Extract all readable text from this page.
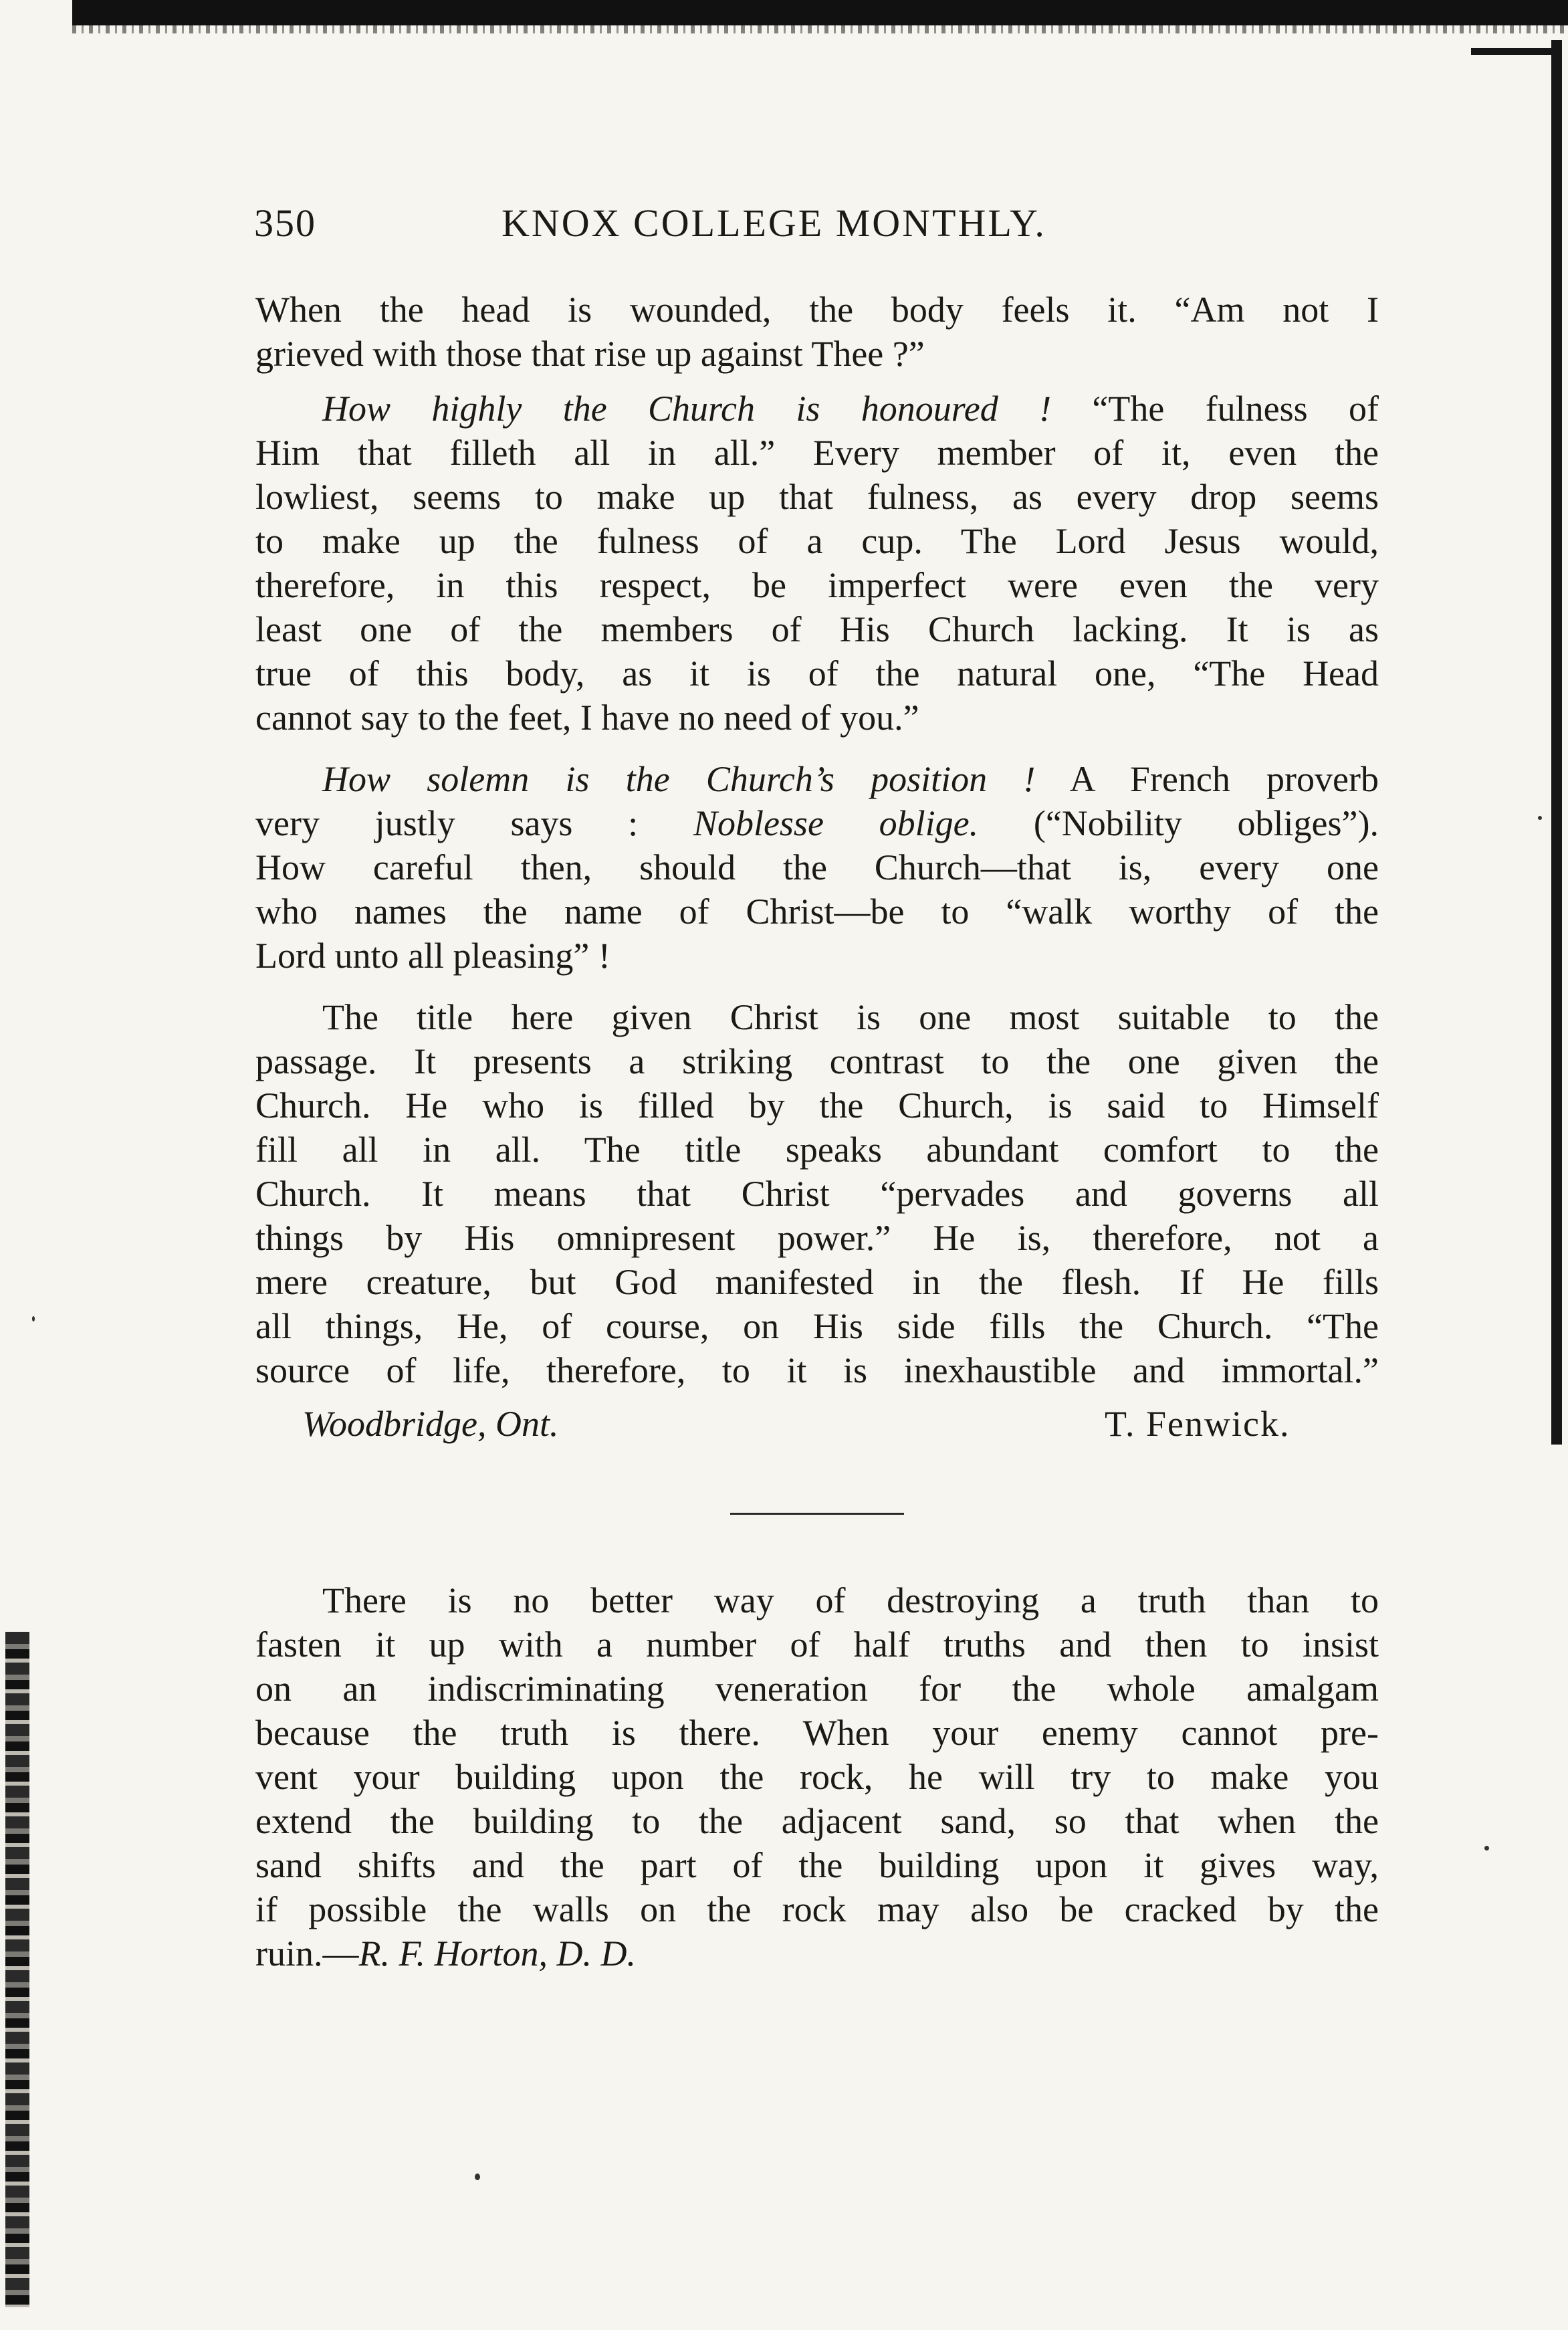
350	KNOX COLLEGE MONTHLY.
When the head is wounded, the body feels it. “Am not I
grieved with those that rise up against Thee ?”
How highly the Church is honoured ! “The fulness of
Him that filleth all in all.” Every member of it, even the
lowliest, seems to make up that fulness, as every drop seems
to make up the fulness of a cup. The Lord Jesus would,
therefore, in this respect, be imperfect were even the very
least one of the members of His Church lacking. It is as
true of this body, as it is of the natural one, “The Head
cannot say to the feet, I have no need of you.”
How solemn is the Church’s position ! A French proverb
very justly says : Noblesse oblige. (“Nobility obliges”).
How careful then, should the Church—that is, every one
who names the name of Christ—be to “walk worthy of the
Lord unto all pleasing” !
The title here given Christ is one most suitable to the
passage. It presents a striking contrast to the one given the
Church. He who is filled by the Church, is said to Himself
fill all in all. The title speaks abundant comfort to the
Church. It means that Christ “pervades and governs all
things by His omnipresent power.” He is, therefore, not a
mere creature, but God manifested in the flesh. If He fills
all things, He, of course, on His side fills the Church. “The
source of life, therefore, to it is inexhaustible and immortal.”
Woodbridge, Ont.	T. Fenwick.
There is no better way of destroying a truth than to
fasten it up with a number of half truths and then to insist
on an indiscriminating veneration for the whole amalgam
because the truth is there. When your enemy cannot pre-
vent your building upon the rock, he will try to make you
extend the building to the adjacent sand, so that when the
sand shifts and the part of the building upon it gives way,
if possible the walls on the rock may also be cracked by the
ruin.—R. F. Horton, D. D.
